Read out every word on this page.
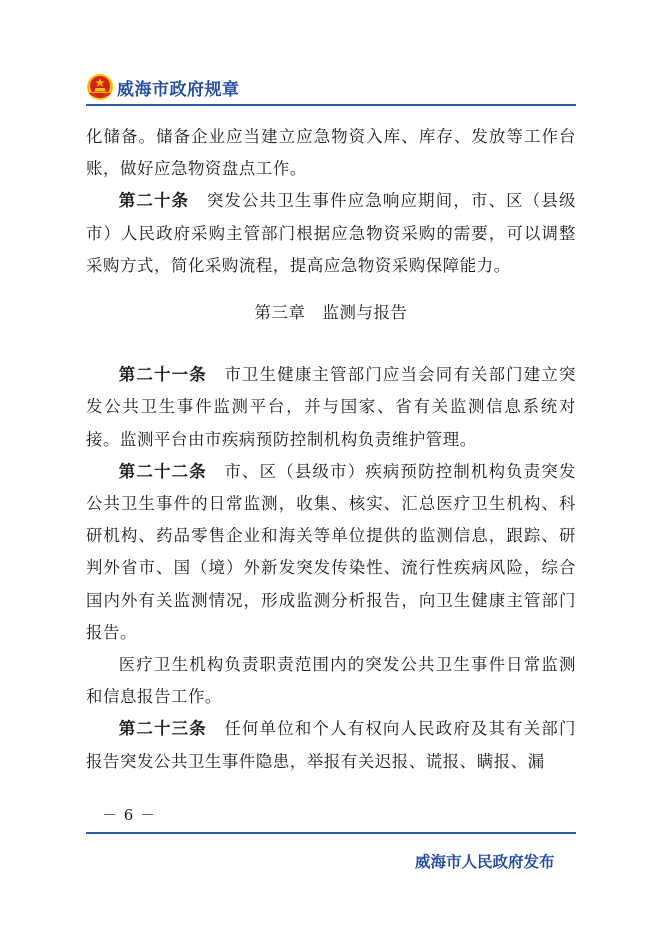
威海市政府规章

化储备。储备企业应当建立应急物资入库、库存、发放等工作台账，做好应急物资盘点工作。

第二十条　突发公共卫生事件应急响应期间，市、区（县级市）人民政府采购主管部门根据应急物资采购的需要，可以调整采购方式，简化采购流程，提高应急物资采购保障能力。

第三章　监测与报告

第二十一条　市卫生健康主管部门应当会同有关部门建立突发公共卫生事件监测平台，并与国家、省有关监测信息系统对接。监测平台由市疾病预防控制机构负责维护管理。

第二十二条　市、区（县级市）疾病预防控制机构负责突发公共卫生事件的日常监测，收集、核实、汇总医疗卫生机构、科研机构、药品零售企业和海关等单位提供的监测信息，跟踪、研判外省市、国（境）外新发突发传染性、流行性疾病风险，综合国内外有关监测情况，形成监测分析报告，向卫生健康主管部门报告。

医疗卫生机构负责职责范围内的突发公共卫生事件日常监测和信息报告工作。

第二十三条　任何单位和个人有权向人民政府及其有关部门报告突发公共卫生事件隐患，举报有关迟报、谎报、瞒报、漏

－ 6 －
威海市人民政府发布
